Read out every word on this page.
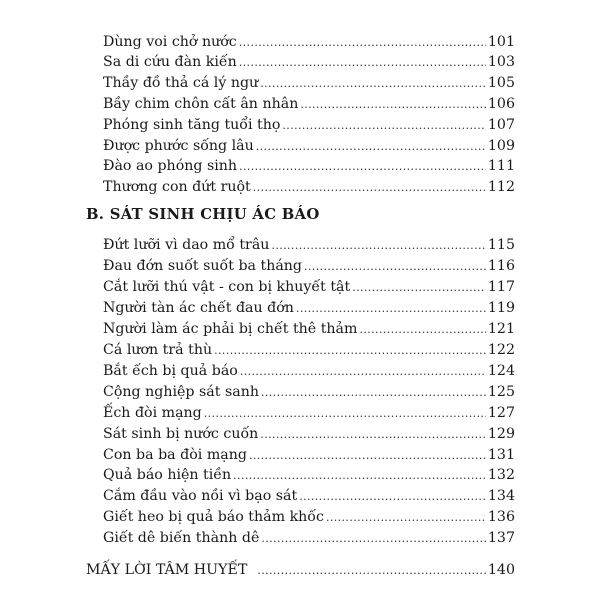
Dùng voi chở nước .....	101
Sa di cứu đàn kiến .....	103
Thầy đồ thả cá lý ngư .....	105
Bầy chim chôn cất ân nhân .....	106
Phóng sinh tăng tuổi thọ .....	107
Được phước sống lâu .....	109
Đào ao phóng sinh .....	111
Thương con đứt ruột .....	112
B. SÁT SINH CHỊU ÁC BÁO
Đứt lưỡi vì dao mổ trâu .....	115
Đau đớn suốt suốt ba tháng .....	116
Cắt lưỡi thú vật - con bị khuyết tật .....	117
Người tàn ác chết đau đớn .....	119
Người làm ác phải bị chết thê thảm .....	121
Cá lươn trả thù .....	122
Bắt ếch bị quả báo .....	124
Cộng nghiệp sát sanh .....	125
Ếch đòi mạng .....	127
Sát sinh bị nước cuốn .....	129
Con ba ba đòi mạng .....	131
Quả báo hiện tiền .....	132
Cắm đầu vào nồi vì bạo sát .....	134
Giết heo bị quả báo thảm khốc .....	136
Giết dê biến thành dê .....	137
MẤY LỜI TÂM HUYẾT .....	140
